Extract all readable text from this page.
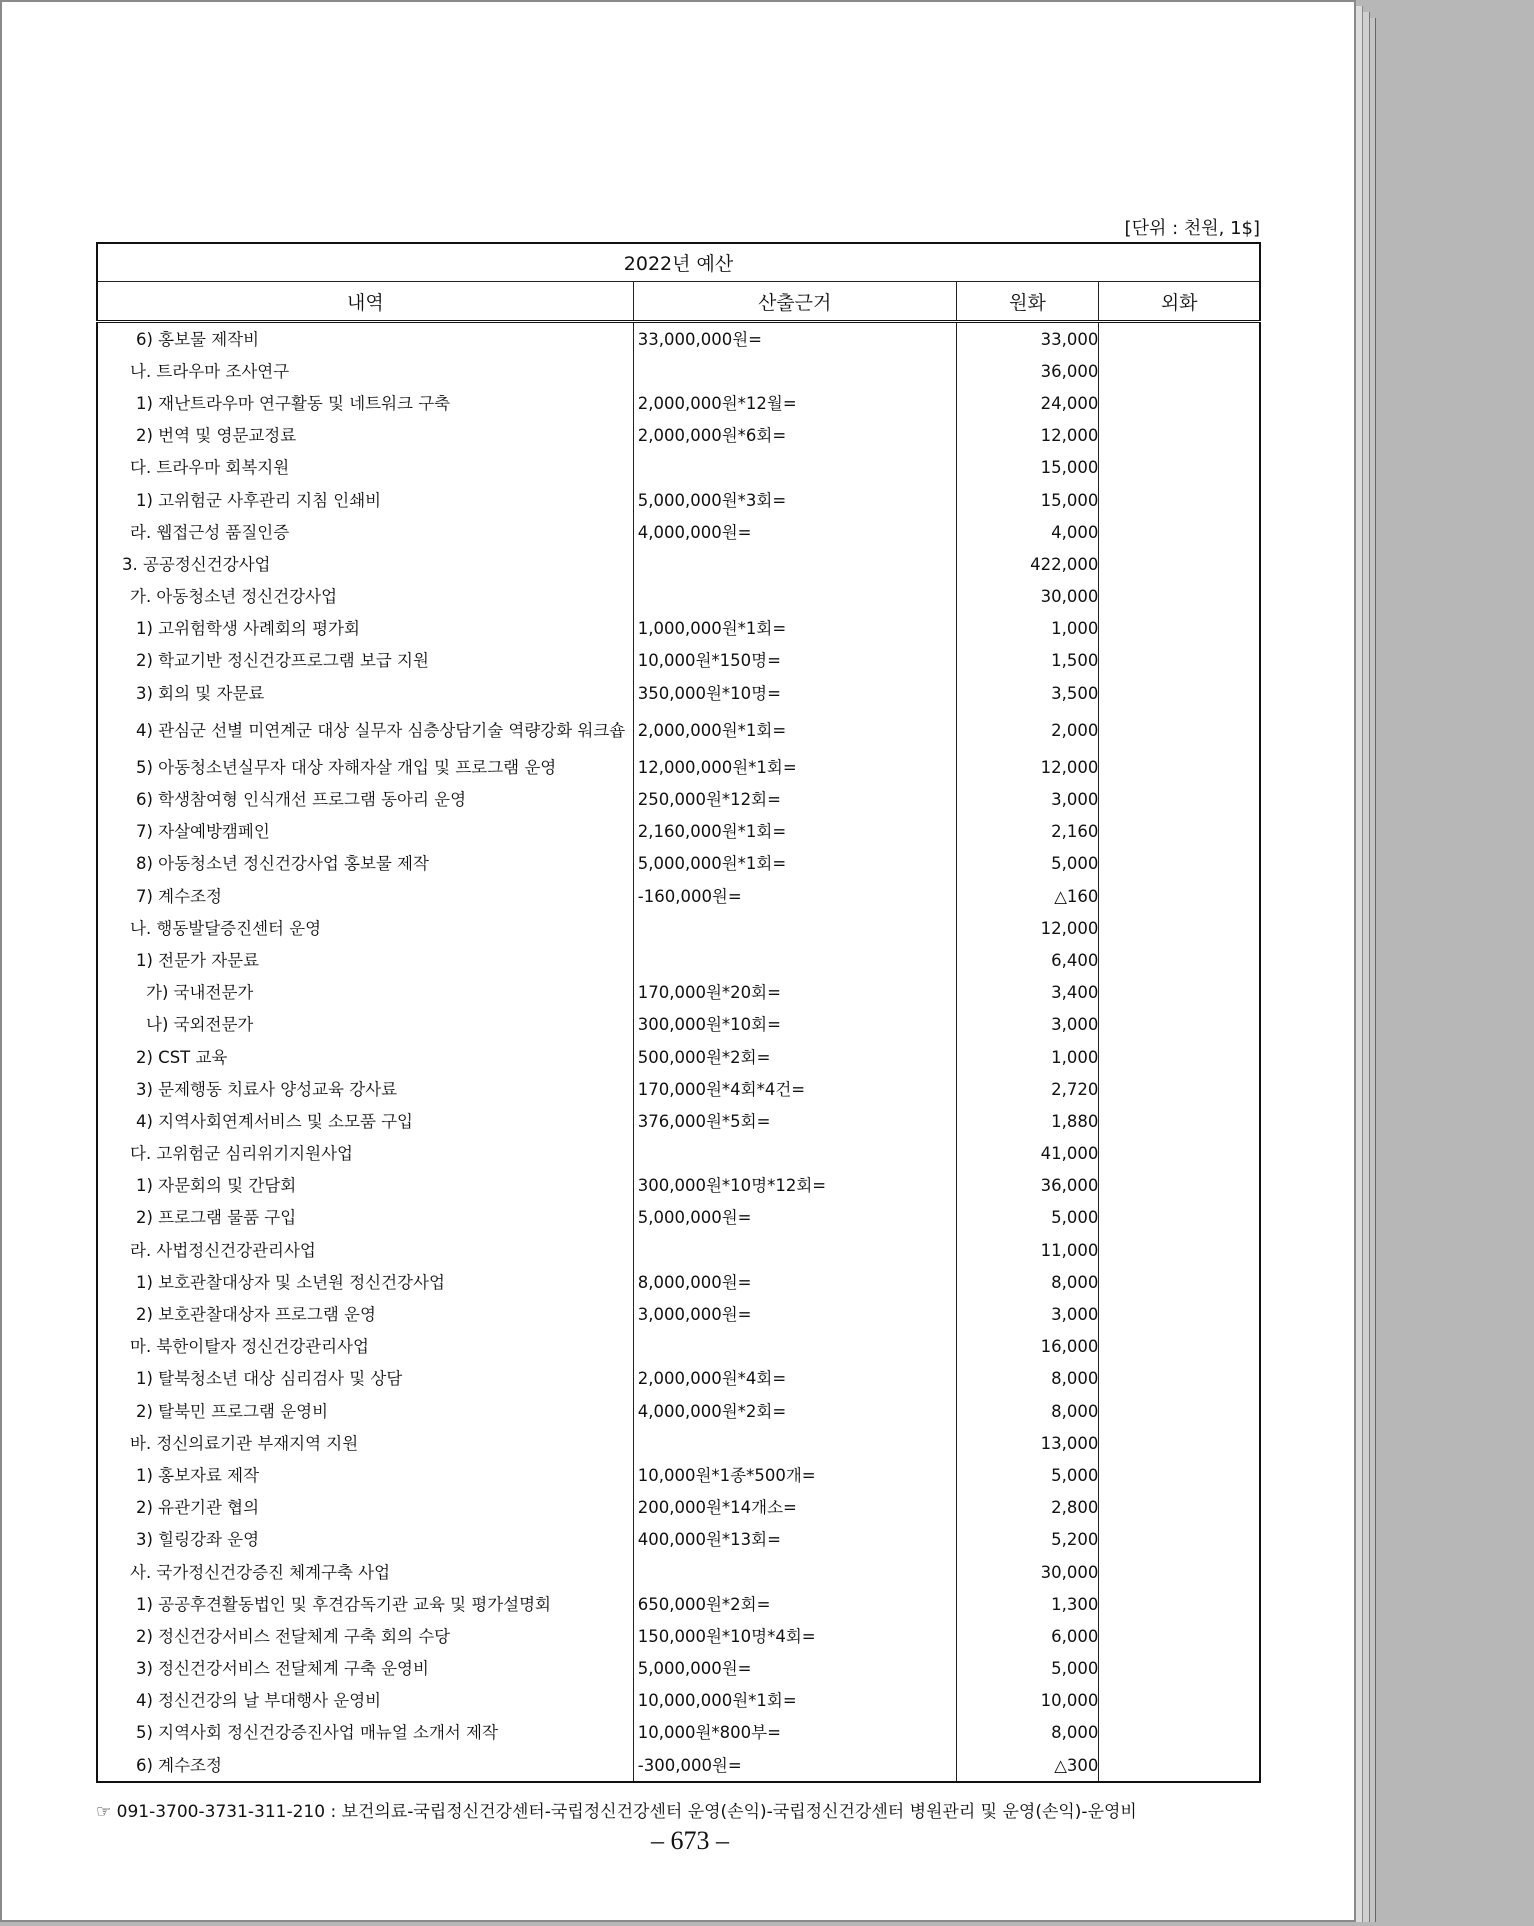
[단위 : 천원, 1$]
2022년 예산			
내역	산출근거	원화	외화
6) 홍보물 제작비	33,000,000원=	33,000	
나. 트라우마 조사연구		36,000	
1) 재난트라우마 연구활동 및 네트워크 구축	2,000,000원*12월=	24,000	
2) 번역 및 영문교정료	2,000,000원*6회=	12,000	
다. 트라우마 회복지원		15,000	
1) 고위험군 사후관리 지침 인쇄비	5,000,000원*3회=	15,000	
라. 웹접근성 품질인증	4,000,000원=	4,000	
3. 공공정신건강사업		422,000	
가. 아동청소년 정신건강사업		30,000	
1) 고위험학생 사례회의 평가회	1,000,000원*1회=	1,000	
2) 학교기반 정신건강프로그램 보급 지원	10,000원*150명=	1,500	
3) 회의 및 자문료	350,000원*10명=	3,500	
4) 관심군 선별 미연계군 대상 실무자 심층상담기술 역량강화 워크숍	2,000,000원*1회=	2,000	
5) 아동청소년실무자 대상 자해자살 개입 및 프로그램 운영	12,000,000원*1회=	12,000	
6) 학생참여형 인식개선 프로그램 동아리 운영	250,000원*12회=	3,000	
7) 자살예방캠페인	2,160,000원*1회=	2,160	
8) 아동청소년 정신건강사업 홍보물 제작	5,000,000원*1회=	5,000	
7) 계수조정	-160,000원=	△160	
나. 행동발달증진센터 운영		12,000	
1) 전문가 자문료		6,400	
가) 국내전문가	170,000원*20회=	3,400	
나) 국외전문가	300,000원*10회=	3,000	
2) CST 교육	500,000원*2회=	1,000	
3) 문제행동 치료사 양성교육 강사료	170,000원*4회*4건=	2,720	
4) 지역사회연계서비스 및 소모품 구입	376,000원*5회=	1,880	
다. 고위험군 심리위기지원사업		41,000	
1) 자문회의 및 간담회	300,000원*10명*12회=	36,000	
2) 프로그램 물품 구입	5,000,000원=	5,000	
라. 사법정신건강관리사업		11,000	
1) 보호관찰대상자 및 소년원 정신건강사업	8,000,000원=	8,000	
2) 보호관찰대상자 프로그램 운영	3,000,000원=	3,000	
마. 북한이탈자 정신건강관리사업		16,000	
1) 탈북청소년 대상 심리검사 및 상담	2,000,000원*4회=	8,000	
2) 탈북민 프로그램 운영비	4,000,000원*2회=	8,000	
바. 정신의료기관 부재지역 지원		13,000	
1) 홍보자료 제작	10,000원*1종*500개=	5,000	
2) 유관기관 협의	200,000원*14개소=	2,800	
3) 힐링강좌 운영	400,000원*13회=	5,200	
사. 국가정신건강증진 체계구축 사업		30,000	
1) 공공후견활동법인 및 후견감독기관 교육 및 평가설명회	650,000원*2회=	1,300	
2) 정신건강서비스 전달체계 구축 회의 수당	150,000원*10명*4회=	6,000	
3) 정신건강서비스 전달체계 구축 운영비	5,000,000원=	5,000	
4) 정신건강의 날 부대행사 운영비	10,000,000원*1회=	10,000	
5) 지역사회 정신건강증진사업 매뉴얼 소개서 제작	10,000원*800부=	8,000	
6) 계수조정	-300,000원=	△300	
☞ 091-3700-3731-311-210 : 보건의료-국립정신건강센터-국립정신건강센터 운영(손익)-국립정신건강센터 병원관리 및 운영(손익)-운영비
– 673 –
